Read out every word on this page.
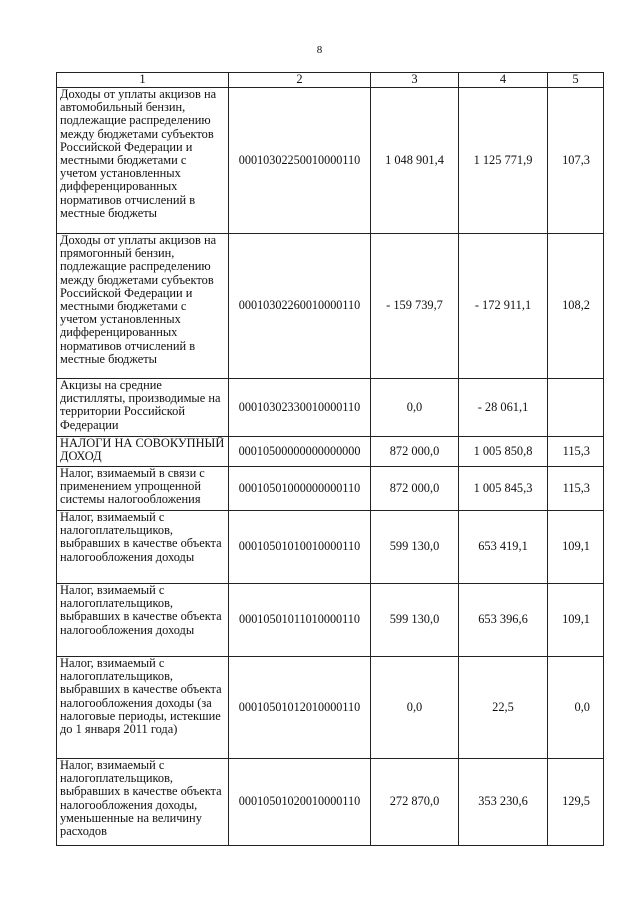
8
1	2	3	4	5
Доходы от уплаты акцизов на автомобильный бензин, подлежащие распределению между бюджетами субъектов Российской Федерации и местными бюджетами с учетом установленных дифференцированных нормативов отчислений в местные бюджеты	00010302250010000110	1 048 901,4	1 125 771,9	107,3
Доходы от уплаты акцизов на прямогонный бензин, подлежащие распределению между бюджетами субъектов Российской Федерации и местными бюджетами с учетом установленных дифференцированных нормативов отчислений в местные бюджеты	00010302260010000110	- 159 739,7	- 172 911,1	108,2
Акцизы на средние дистилляты, производимые на территории Российской Федерации	00010302330010000110	0,0	- 28 061,1	
НАЛОГИ НА СОВОКУПНЫЙ ДОХОД	00010500000000000000	872 000,0	1 005 850,8	115,3
Налог, взимаемый в связи с применением упрощенной системы налогообложения	00010501000000000110	872 000,0	1 005 845,3	115,3
Налог, взимаемый с налогоплательщиков, выбравших в качестве объекта налогообложения доходы	00010501010010000110	599 130,0	653 419,1	109,1
Налог, взимаемый с налогоплательщиков, выбравших в качестве объекта налогообложения доходы	00010501011010000110	599 130,0	653 396,6	109,1
Налог, взимаемый с налогоплательщиков, выбравших в качестве объекта налогообложения доходы (за налоговые периоды, истекшие до 1 января 2011 года)	00010501012010000110	0,0	22,5	0,0
Налог, взимаемый с налогоплательщиков, выбравших в качестве объекта налогообложения доходы, уменьшенные на величину расходов	00010501020010000110	272 870,0	353 230,6	129,5
